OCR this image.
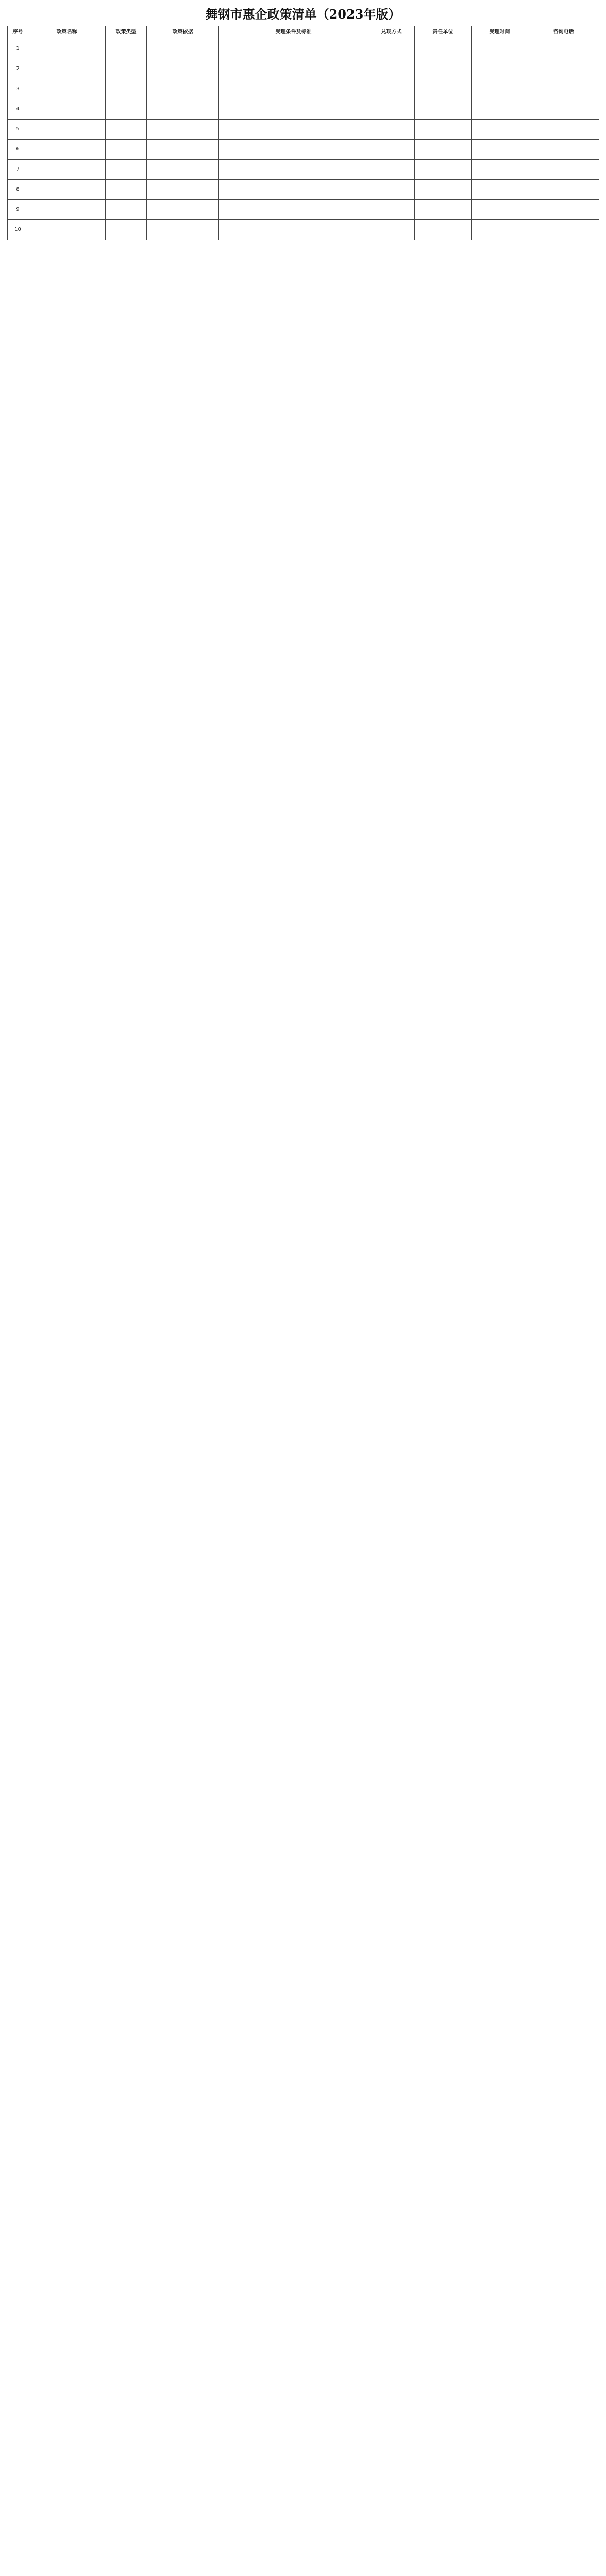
舞钢市惠企政策清单（2023年版）
序号	政策名称	政策类型	政策依据	受理条件及标准	兑现方式	责任单位	受理时间	咨询电话
1								
2								
3								
4								
5								
6								
7								
8								
9								
10								
